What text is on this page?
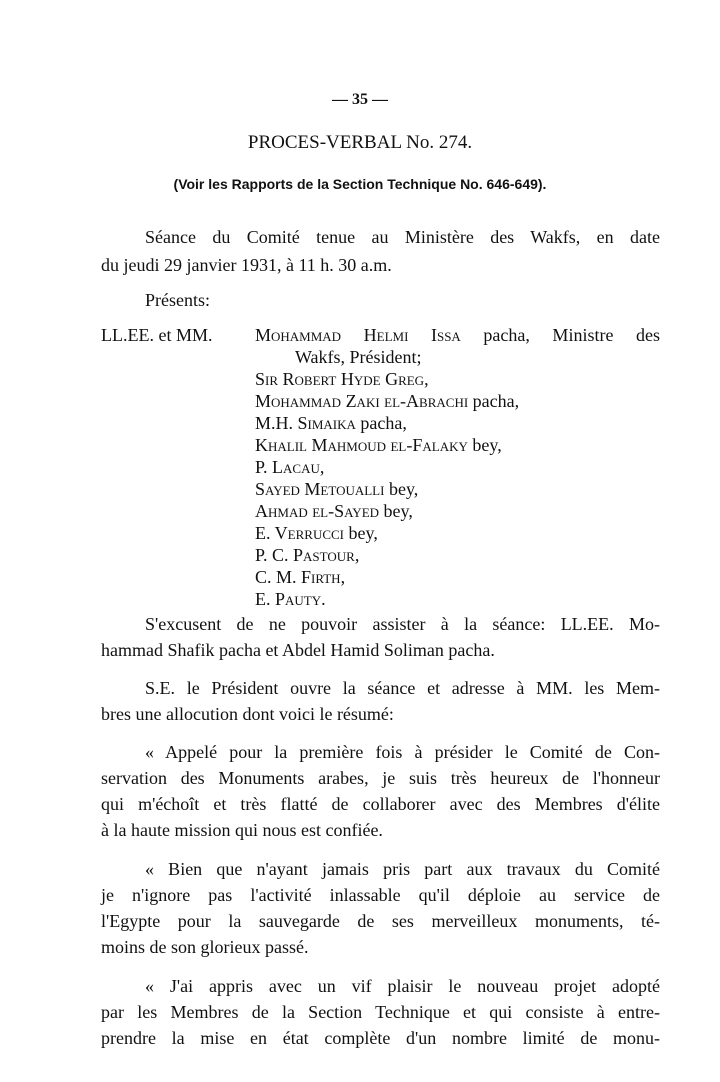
— 35 —
PROCES-VERBAL No. 274.
(Voir les Rapports de la Section Technique No. 646-649).
Séance du Comité tenue au Ministère des Wakfs, en date
du jeudi 29 janvier 1931, à 11 h. 30 a.m.
Présents:
LL.EE. et MM.	Mohammad Helmi Issa pacha, Ministre des
Wakfs, Président;
Sir Robert Hyde Greg,
Mohammad Zaki el-Abrachi pacha,
M.H. Simaika pacha,
Khalil Mahmoud el-Falaky bey,
P. Lacau,
Sayed Metoualli bey,
Ahmad el-Sayed bey,
E. Verrucci bey,
P. C. Pastour,
C. M. Firth,
E. Pauty.
S'excusent de ne pouvoir assister à la séance: LL.EE. Mo-
hammad Shafik pacha et Abdel Hamid Soliman pacha.
S.E. le Président ouvre la séance et adresse à MM. les Mem-
bres une allocution dont voici le résumé:
« Appelé pour la première fois à présider le Comité de Con-
servation des Monuments arabes, je suis très heureux de l'honneur
qui m'échoît et très flatté de collaborer avec des Membres d'élite
à la haute mission qui nous est confiée.
« Bien que n'ayant jamais pris part aux travaux du Comité
je n'ignore pas l'activité inlassable qu'il déploie au service de
l'Egypte pour la sauvegarde de ses merveilleux monuments, té-
moins de son glorieux passé.
« J'ai appris avec un vif plaisir le nouveau projet adopté
par les Membres de la Section Technique et qui consiste à entre-
prendre la mise en état complète d'un nombre limité de monu-
